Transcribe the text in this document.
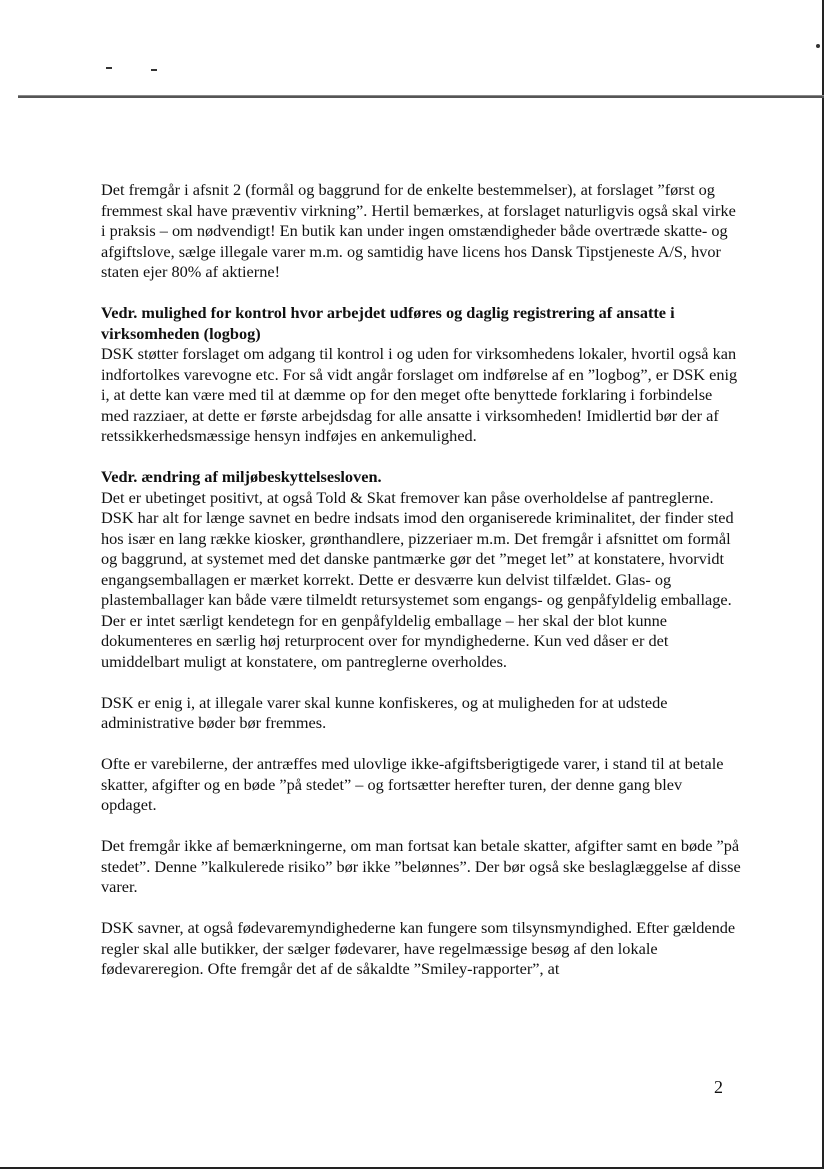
Det fremgår i afsnit 2 (formål og baggrund for de enkelte bestemmelser), at forslaget ”først og fremmest skal have præventiv virkning”. Hertil bemærkes, at forslaget naturligvis også skal virke i praksis – om nødvendigt! En butik kan under ingen omstændigheder både overtræde skatte- og afgiftslove, sælge illegale varer m.m. og samtidig have licens hos Dansk Tipstjeneste A/S, hvor staten ejer 80% af aktierne!

Vedr. mulighed for kontrol hvor arbejdet udføres og daglig registrering af ansatte i virksomheden (logbog)
DSK støtter forslaget om adgang til kontrol i og uden for virksomhedens lokaler, hvortil også kan indfortolkes varevogne etc. For så vidt angår forslaget om indførelse af en ”logbog”, er DSK enig i, at dette kan være med til at dæmme op for den meget ofte benyttede forklaring i forbindelse med razziaer, at dette er første arbejdsdag for alle ansatte i virksomheden! Imidlertid bør der af retssikkerhedsmæssige hensyn indføjes en ankemulighed.
Vedr. ændring af miljøbeskyttelsesloven.
Det er ubetinget positivt, at også Told & Skat fremover kan påse overholdelse af pantreglerne. DSK har alt for længe savnet en bedre indsats imod den organiserede kriminalitet, der finder sted hos især en lang række kiosker, grønthandlere, pizzeriaer m.m. Det fremgår i afsnittet om formål og baggrund, at systemet med det danske pantmærke gør det ”meget let” at konstatere, hvorvidt engangsemballagen er mærket korrekt. Dette er desværre kun delvist tilfældet. Glas- og plastemballager kan både være tilmeldt retursystemet som engangs- og genpåfyldelig emballage. Der er intet særligt kendetegn for en genpåfyldelig emballage – her skal der blot kunne dokumenteres en særlig høj returprocent over for myndighederne. Kun ved dåser er det umiddelbart muligt at konstatere, om pantreglerne overholdes.

DSK er enig i, at illegale varer skal kunne konfiskeres, og at muligheden for at udstede administrative bøder bør fremmes.

Ofte er varebilerne, der antræffes med ulovlige ikke-afgiftsberigtigede varer, i stand til at betale skatter, afgifter og en bøde ”på stedet” – og fortsætter herefter turen, der denne gang blev opdaget.

Det fremgår ikke af bemærkningerne, om man fortsat kan betale skatter, afgifter samt en bøde ”på stedet”. Denne ”kalkulerede risiko” bør ikke ”belønnes”. Der bør også ske beslaglæggelse af disse varer.

DSK savner, at også fødevaremyndighederne kan fungere som tilsynsmyndighed. Efter gældende regler skal alle butikker, der sælger fødevarer, have regelmæssige besøg af den lokale fødevareregion. Ofte fremgår det af de såkaldte ”Smiley-rapporter”, at

2
